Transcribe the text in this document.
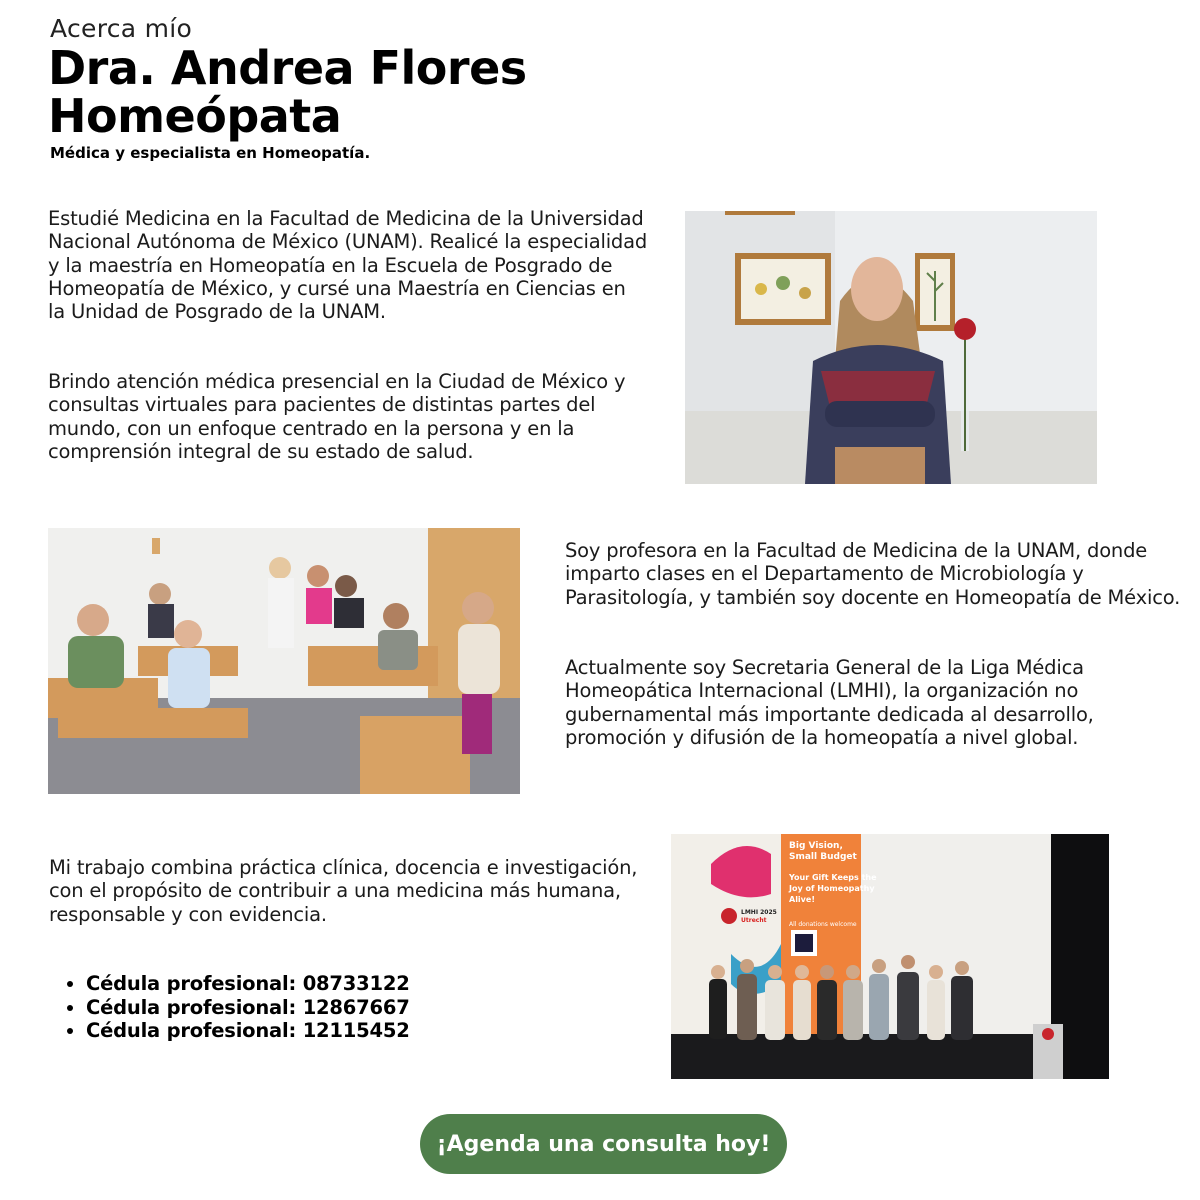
Acerca mío
Dra. Andrea Flores
Homeópata
Médica y especialista en Homeopatía.

Estudié Medicina en la Facultad de Medicina de la Universidad Nacional Autónoma de México (UNAM). Realicé la especialidad y la maestría en Homeopatía en la Escuela de Posgrado de Homeopatía de México, y cursé una Maestría en Ciencias en la Unidad de Posgrado de la UNAM.

Brindo atención médica presencial en la Ciudad de México y consultas virtuales para pacientes de distintas partes del mundo, con un enfoque centrado en la persona y en la comprensión integral de su estado de salud.

Soy profesora en la Facultad de Medicina de la UNAM, donde imparto clases en el Departamento de Microbiología y Parasitología, y también soy docente en Homeopatía de México.

Actualmente soy Secretaria General de la Liga Médica Homeopática Internacional (LMHI), la organización no gubernamental más importante dedicada al desarrollo, promoción y difusión de la homeopatía a nivel global.

Mi trabajo combina práctica clínica, docencia e investigación, con el propósito de contribuir a una medicina más humana, responsable y con evidencia.

• Cédula profesional: 08733122
• Cédula profesional: 12867667
• Cédula profesional: 12115452
Big Vision,
Small Budget
Your Gift Keeps the
Joy of Homeopathy
Alive!
All donations welcome
LMHI 2025
Utrecht
¡Agenda una consulta hoy!
